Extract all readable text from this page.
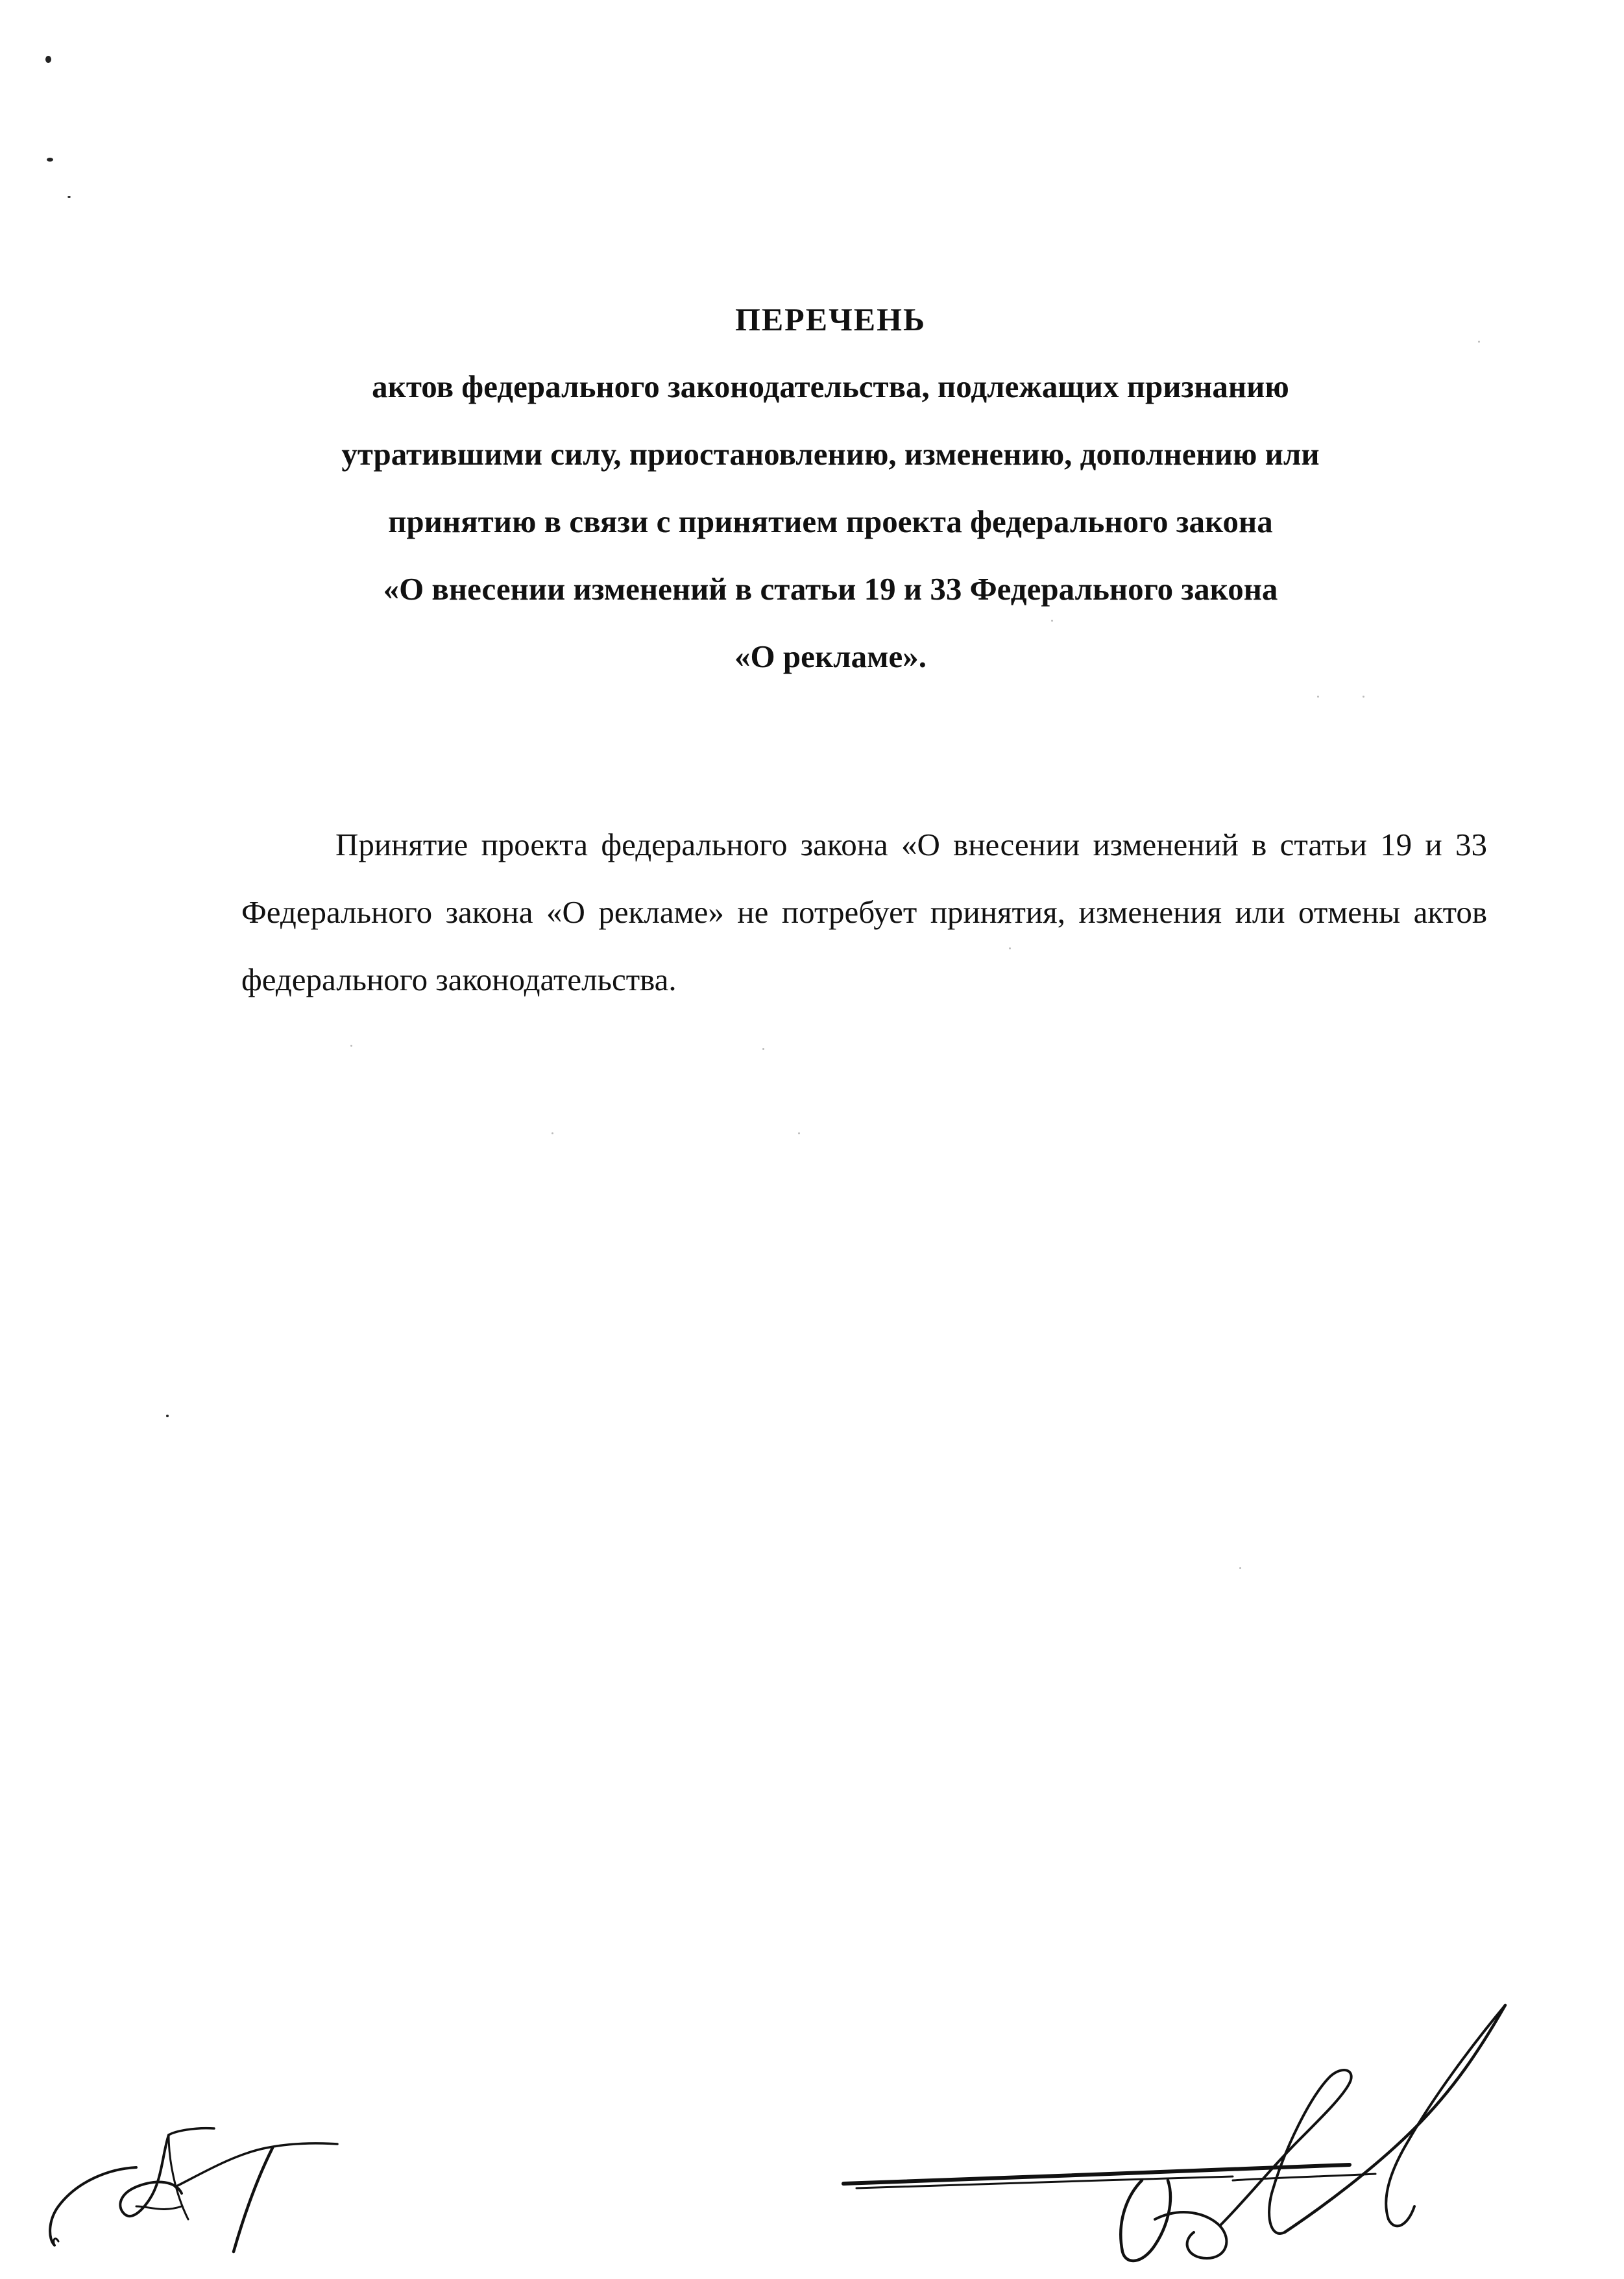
ПЕРЕЧЕНЬ
актов федерального законодательства, подлежащих признанию
утратившими силу, приостановлению, изменению, дополнению или
принятию в связи с принятием проекта федерального закона
«О внесении изменений в статьи 19 и 33 Федерального закона
«О рекламе».

Принятие проекта федерального закона «О внесении изменений в статьи 19 и 33 Федерального закона «О рекламе» не потребует принятия, изменения или отмены актов федерального законодательства.
